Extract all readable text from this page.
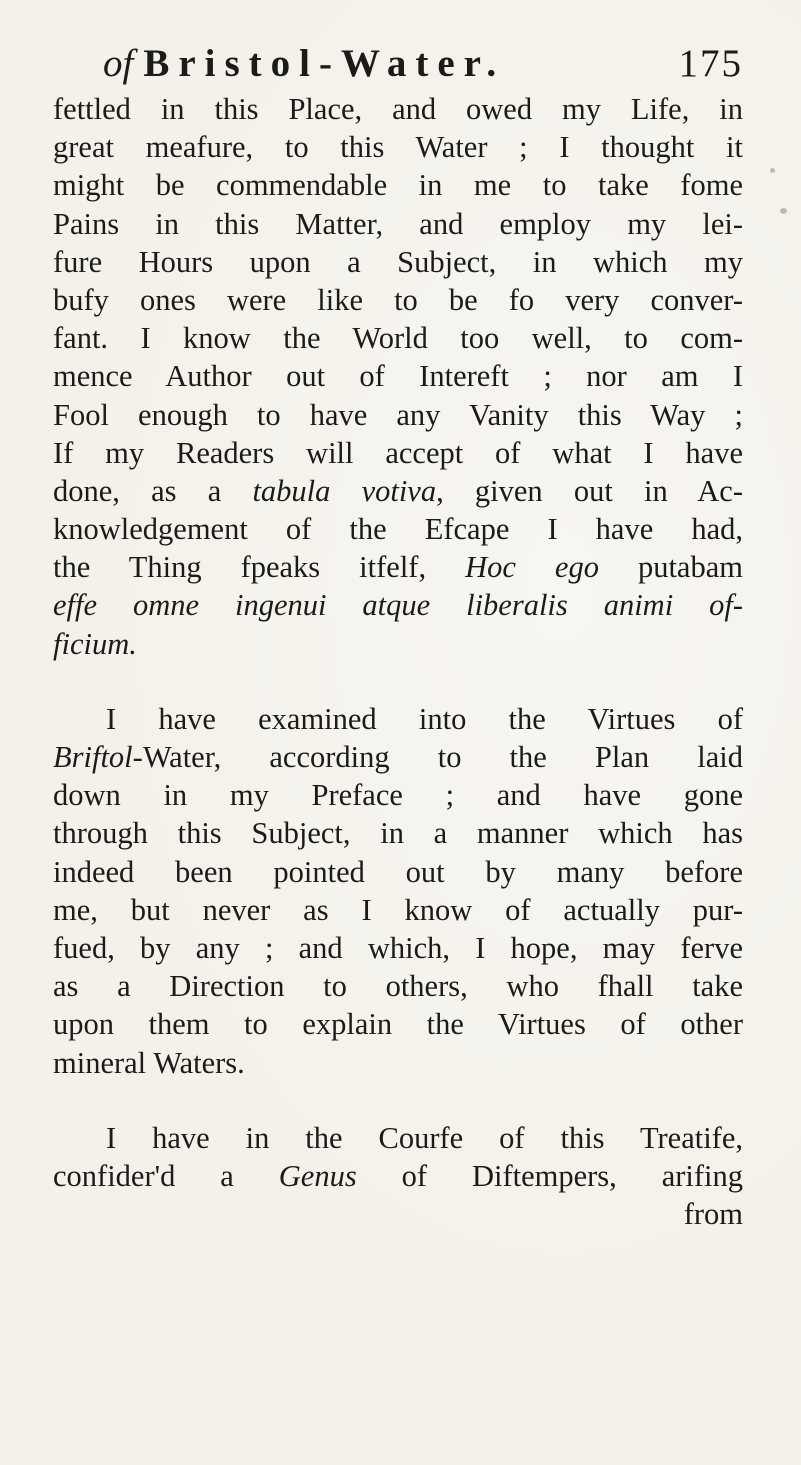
of Bristol-Water.	175
fettled in this Place, and owed my Life, in
great meafure, to this Water ; I thought it
might be commendable in me to take fome
Pains in this Matter, and employ my lei-
fure Hours upon a Subject, in which my
bufy ones were like to be fo very conver-
fant. I know the World too well, to com-
mence Author out of Intereft ; nor am I
Fool enough to have any Vanity this Way ;
If my Readers will accept of what I have
done, as a tabula votiva, given out in Ac-
knowledgement of the Efcape I have had,
the Thing fpeaks itfelf, Hoc ego putabam
effe omne ingenui atque liberalis animi of-
ficium.
I have examined into the Virtues of
Briftol-Water, according to the Plan laid
down in my Preface ; and have gone
through this Subject, in a manner which has
indeed been pointed out by many before
me, but never as I know of actually pur-
fued, by any ; and which, I hope, may ferve
as a Direction to others, who fhall take
upon them to explain the Virtues of other
mineral Waters.
I have in the Courfe of this Treatife,
confider'd a Genus of Diftempers, arifing
from
